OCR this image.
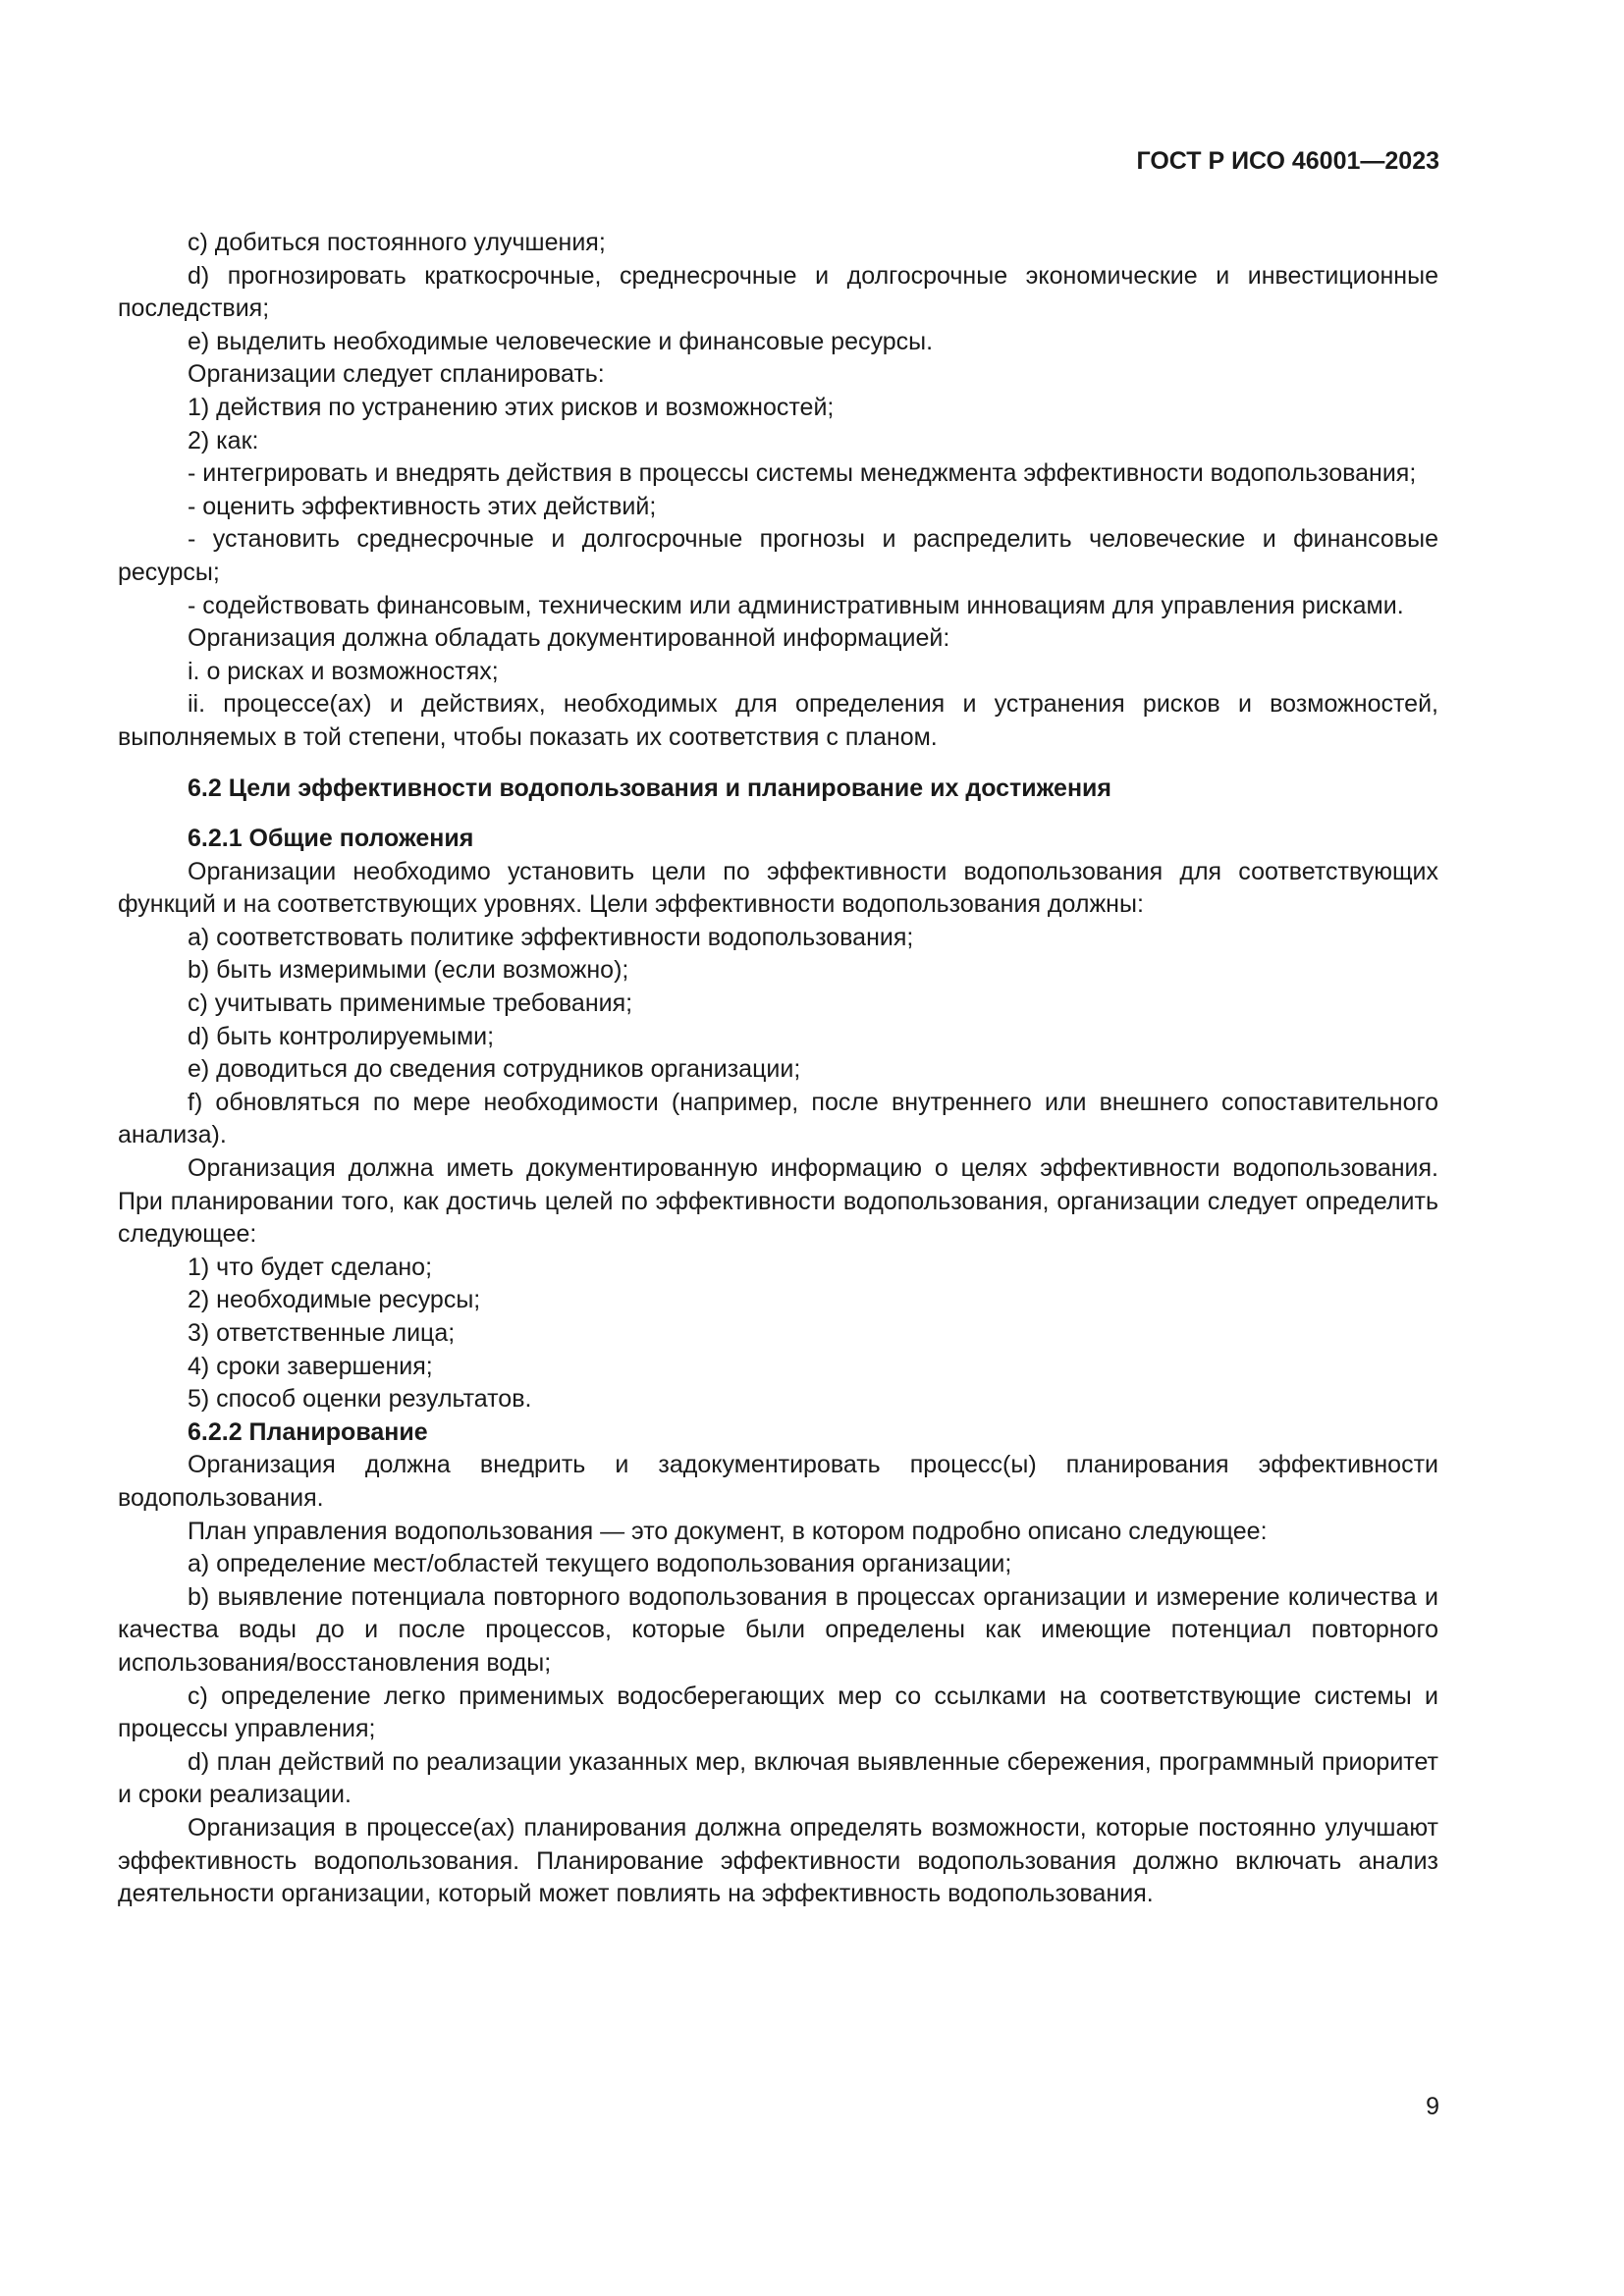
ГОСТ Р ИСО 46001—2023

c) добиться постоянного улучшения;

d) прогнозировать краткосрочные, среднесрочные и долгосрочные экономические и инвестиционные последствия;

e) выделить необходимые человеческие и финансовые ресурсы.

Организации следует спланировать:

1) действия по устранению этих рисков и возможностей;

2) как:

- интегрировать и внедрять действия в процессы системы менеджмента эффективности водопользования;

- оценить эффективность этих действий;

- установить среднесрочные и долгосрочные прогнозы и распределить человеческие и финансовые ресурсы;

- содействовать финансовым, техническим или административным инновациям для управления рисками.

Организация должна обладать документированной информацией:

i. о рисках и возможностях;

ii. процессе(ах) и действиях, необходимых для определения и устранения рисков и возможностей, выполняемых в той степени, чтобы показать их соответствия с планом.

6.2 Цели эффективности водопользования и планирование их достижения

6.2.1 Общие положения

Организации необходимо установить цели по эффективности водопользования для соответствующих функций и на соответствующих уровнях. Цели эффективности водопользования должны:

a) соответствовать политике эффективности водопользования;

b) быть измеримыми (если возможно);

c) учитывать применимые требования;

d) быть контролируемыми;

e) доводиться до сведения сотрудников организации;

f) обновляться по мере необходимости (например, после внутреннего или внешнего сопоставительного анализа).

Организация должна иметь документированную информацию о целях эффективности водопользования. При планировании того, как достичь целей по эффективности водопользования, организации следует определить следующее:

1) что будет сделано;

2) необходимые ресурсы;

3) ответственные лица;

4) сроки завершения;

5) способ оценки результатов.

6.2.2 Планирование

Организация должна внедрить и задокументировать процесс(ы) планирования эффективности водопользования.

План управления водопользования — это документ, в котором подробно описано следующее:

a) определение мест/областей текущего водопользования организации;

b) выявление потенциала повторного водопользования в процессах организации и измерение количества и качества воды до и после процессов, которые были определены как имеющие потенциал повторного использования/восстановления воды;

c) определение легко применимых водосберегающих мер со ссылками на соответствующие системы и процессы управления;

d) план действий по реализации указанных мер, включая выявленные сбережения, программный приоритет и сроки реализации.

Организация в процессе(ах) планирования должна определять возможности, которые постоянно улучшают эффективность водопользования. Планирование эффективности водопользования должно включать анализ деятельности организации, который может повлиять на эффективность водопользования.

9
